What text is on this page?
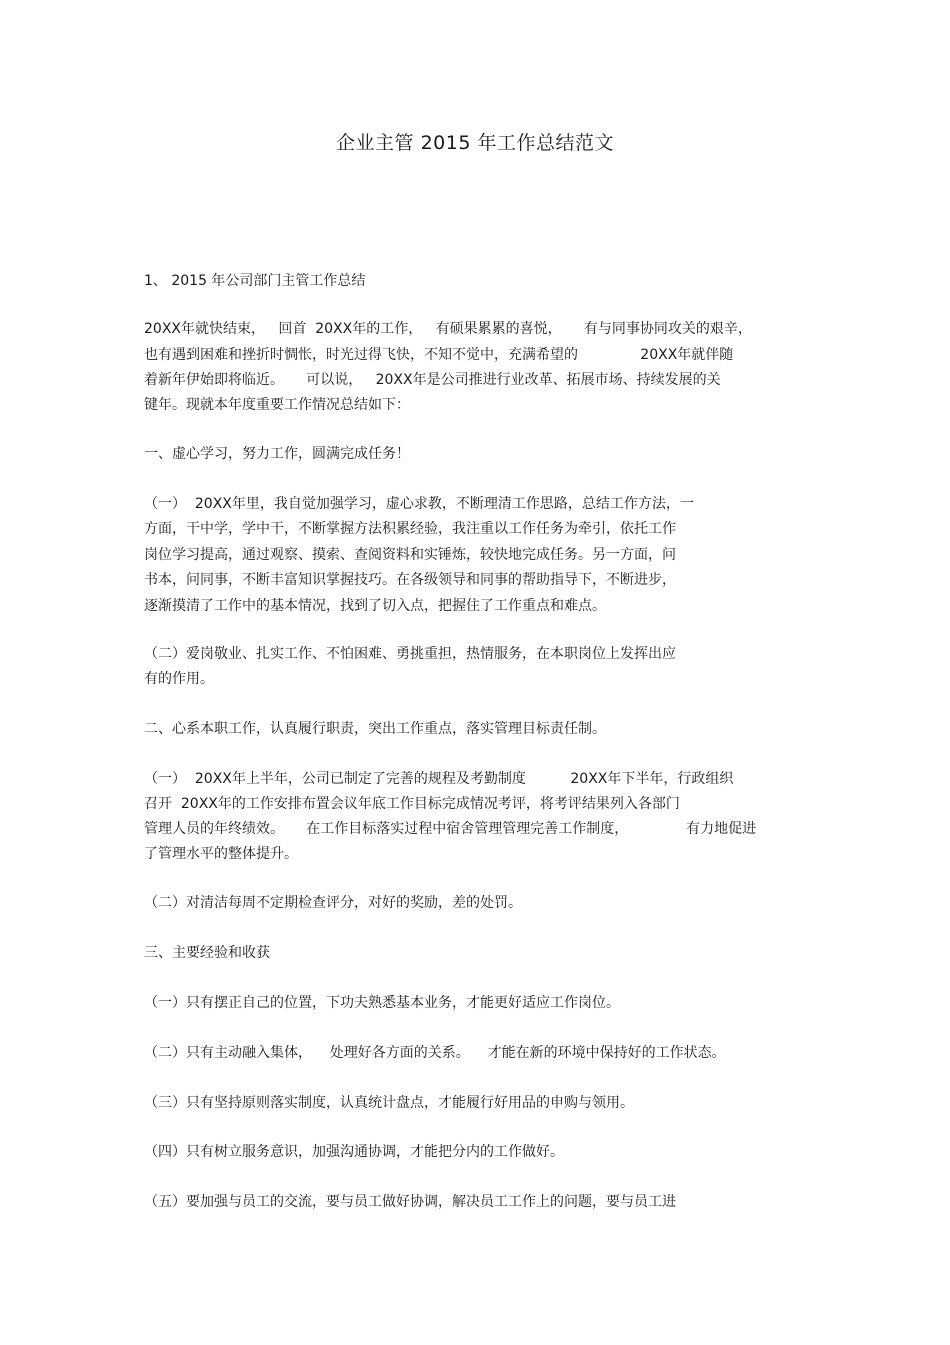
企业主管 2015 年工作总结范文
1、 2015 年公司部门主管工作总结
20XX年就快结束，   回首  20XX年的工作，   有硕果累累的喜悦，     有与同事协同攻关的艰辛，
也有遇到困难和挫折时惆怅，时光过得飞快，不知不觉中，充满希望的              20XX年就伴随
着新年伊始即将临近。     可以说，   20XX年是公司推进行业改革、拓展市场、持续发展的关
键年。现就本年度重要工作情况总结如下：
一、虚心学习，努力工作，圆满完成任务！
（一）  20XX年里，我自觉加强学习，虚心求教，不断理清工作思路，总结工作方法，一
方面，干中学，学中干，不断掌握方法积累经验，我注重以工作任务为牵引，依托工作
岗位学习提高，通过观察、摸索、查阅资料和实锤炼，较快地完成任务。另一方面，问
书本，问同事，不断丰富知识掌握技巧。在各级领导和同事的帮助指导下，不断进步，
逐渐摸清了工作中的基本情况，找到了切入点，把握住了工作重点和难点。
（二）爱岗敬业、扎实工作、不怕困难、勇挑重担，热情服务，在本职岗位上发挥出应
有的作用。
二、心系本职工作，认真履行职责，突出工作重点，落实管理目标责任制。
（一）  20XX年上半年，公司已制定了完善的规程及考勤制度          20XX年下半年，行政组织
召开  20XX年的工作安排布置会议年底工作目标完成情况考评，将考评结果列入各部门
管理人员的年终绩效。     在工作目标落实过程中宿舍管理管理完善工作制度，             有力地促进
了管理水平的整体提升。
（二）对清洁每周不定期检查评分，对好的奖励，差的处罚。
三、主要经验和收获
（一）只有摆正自己的位置，下功夫熟悉基本业务，才能更好适应工作岗位。
（二）只有主动融入集体，    处理好各方面的关系。    才能在新的环境中保持好的工作状态。
（三）只有坚持原则落实制度，认真统计盘点，才能履行好用品的申购与领用。
（四）只有树立服务意识，加强沟通协调，才能把分内的工作做好。
（五）要加强与员工的交流，要与员工做好协调，解决员工工作上的问题，要与员工进
